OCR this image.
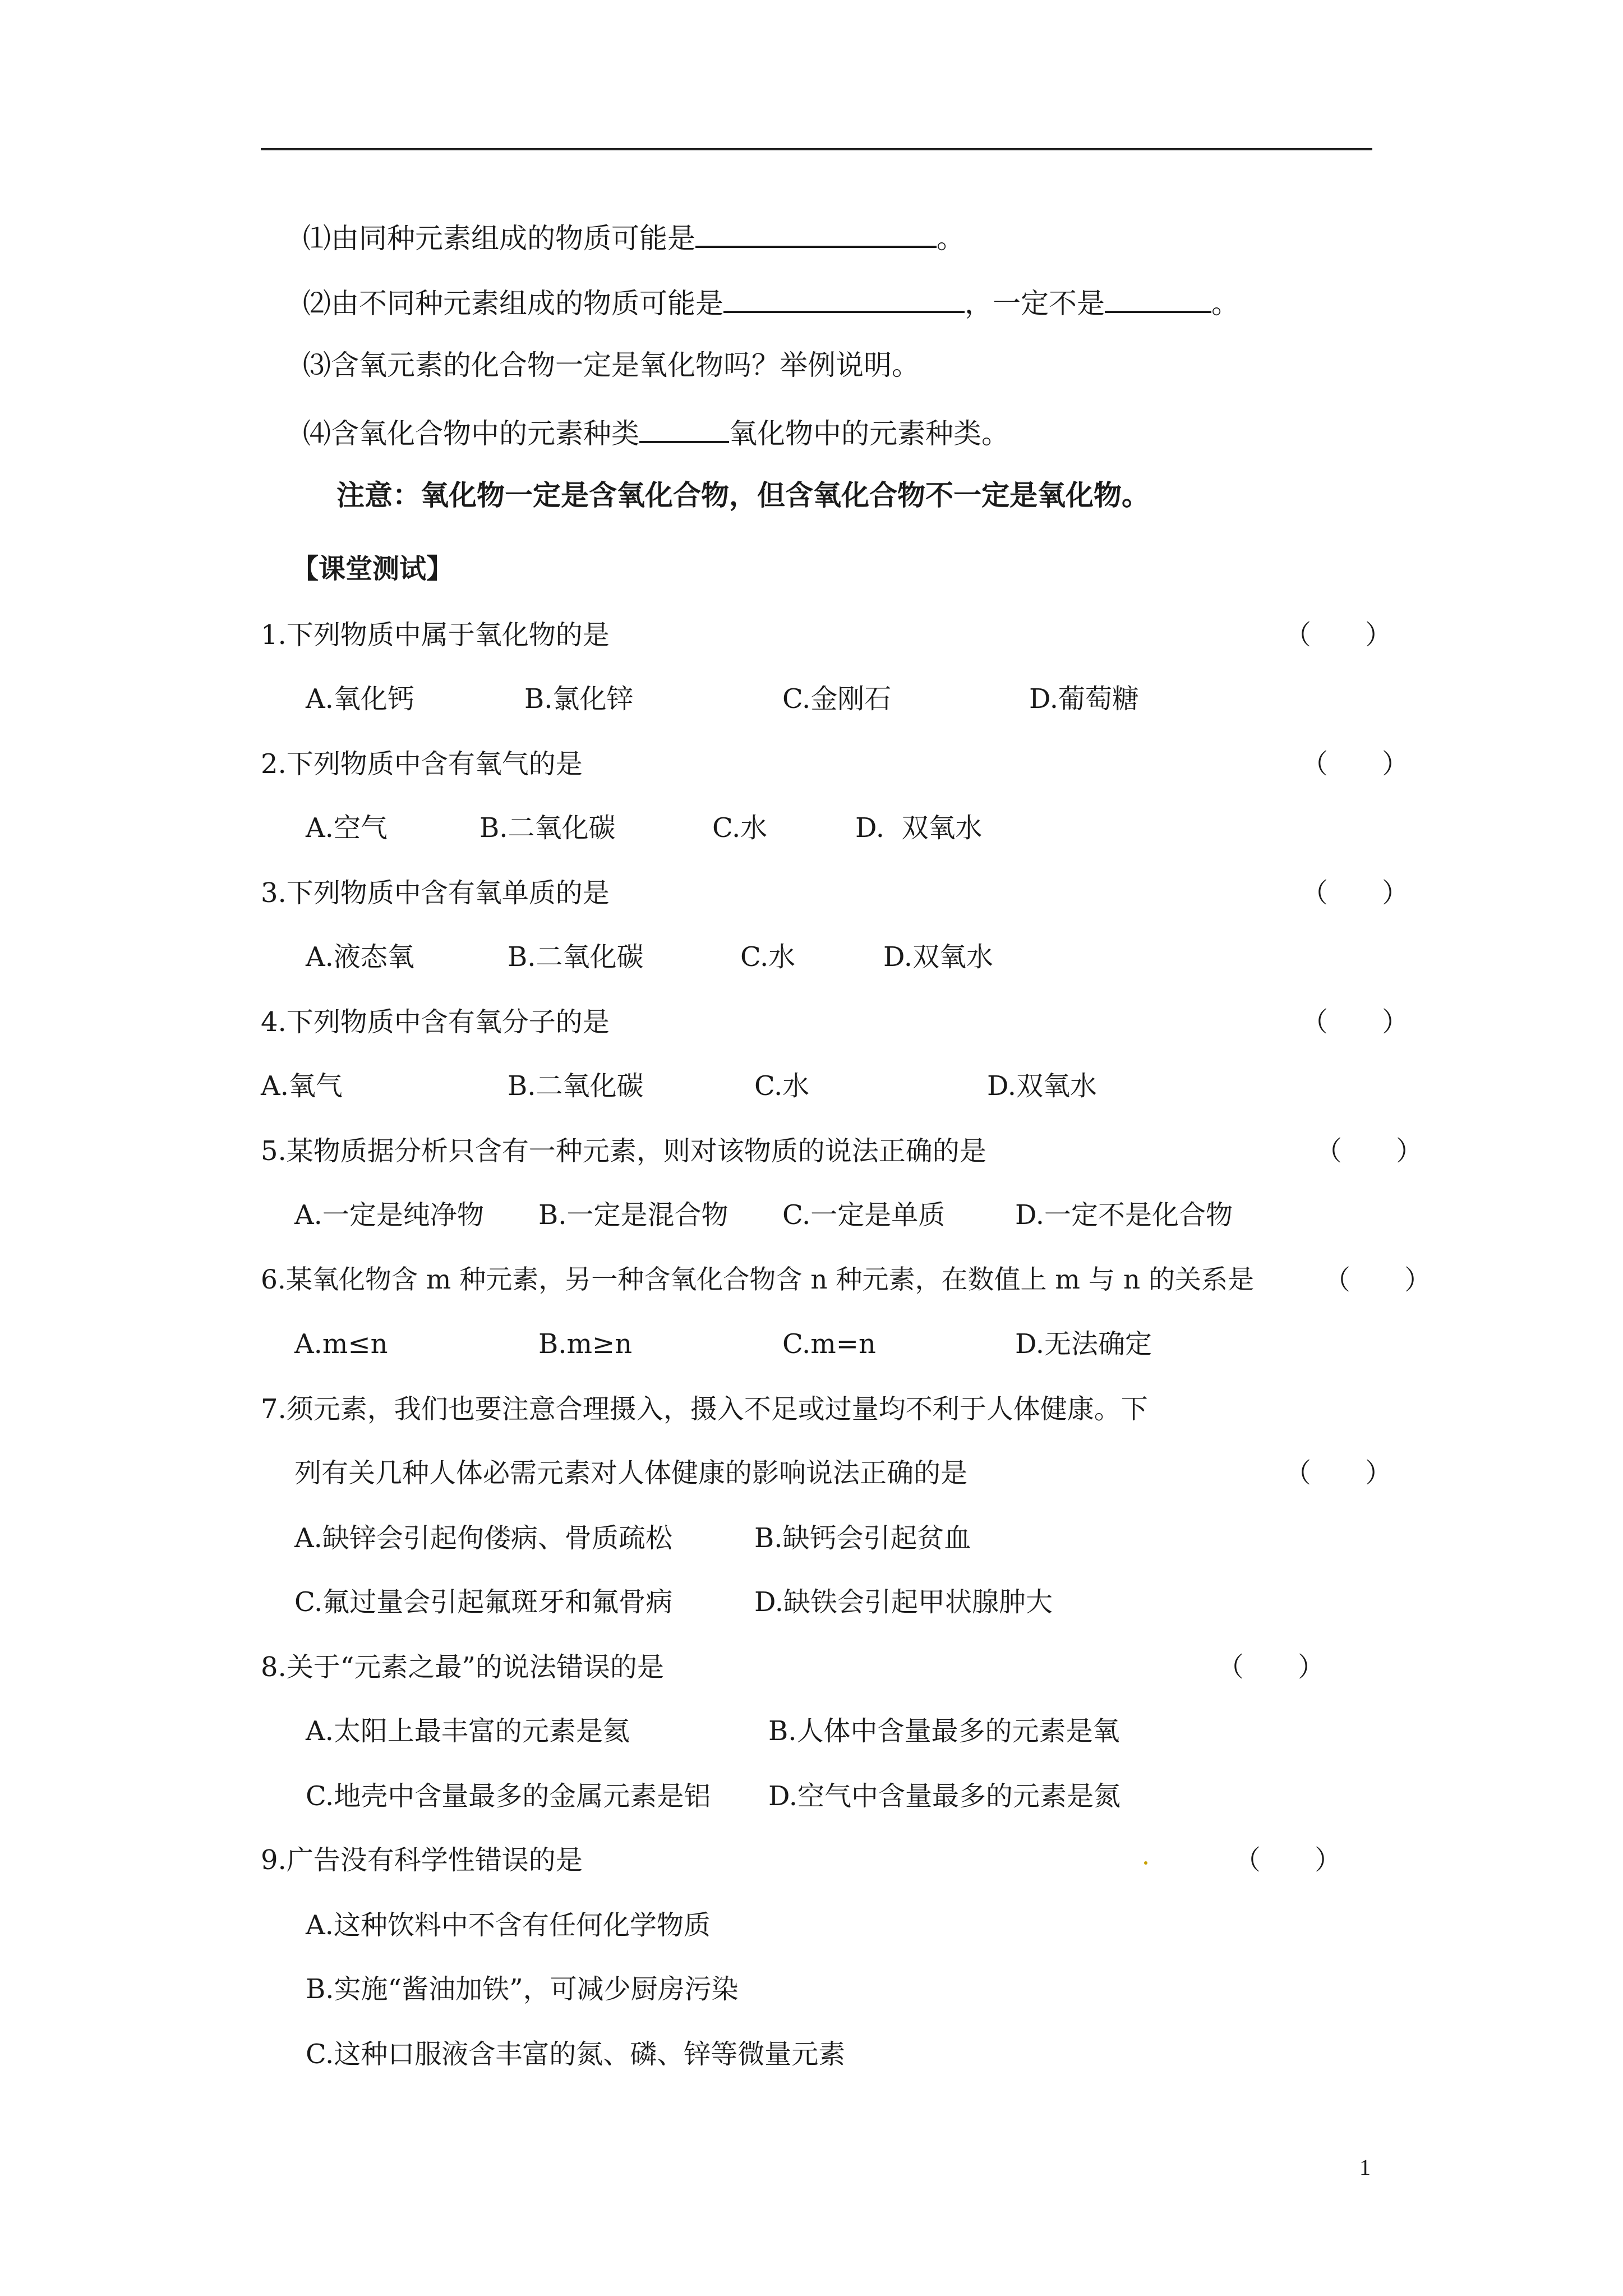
⑴由同种元素组成的物质可能是	。
⑵由不同种元素组成的物质可能是	，一定不是	。
⑶含氧元素的化合物一定是氧化物吗？举例说明。
⑷含氧化合物中的元素种类	氧化物中的元素种类。
注意：氧化物一定是含氧化合物，但含氧化合物不一定是氧化物。
【课堂测试】
1.下列物质中属于氧化物的是	（　　）
A.氧化钙	B.氯化锌	C.金刚石	D.葡萄糖
2.下列物质中含有氧气的是	（　　）
A.空气	B.二氧化碳	C.水	D.  双氧水
3.下列物质中含有氧单质的是	（　　）
A.液态氧	B.二氧化碳	C.水	D.双氧水
4.下列物质中含有氧分子的是	（　　）
A.氧气	B.二氧化碳	C.水	D.双氧水
5.某物质据分析只含有一种元素，则对该物质的说法正确的是	（　　）
A.一定是纯净物 B.一定是混合物 C.一定是单质	D.一定不是化合物
6.某氧化物含 m 种元素，另一种含氧化合物含 n 种元素，在数值上 m 与 n 的关系是	（　　）
A.m≤n	B.m≥n	C.m=n	D.无法确定
7.须元素，我们也要注意合理摄入，摄入不足或过量均不利于人体健康。下
列有关几种人体必需元素对人体健康的影响说法正确的是	（　　）
A.缺锌会引起佝偻病、骨质疏松	B.缺钙会引起贫血
C.氟过量会引起氟斑牙和氟骨病	D.缺铁会引起甲状腺肿大
8.关于“元素之最”的说法错误的是	（　　）
A.太阳上最丰富的元素是氦	B.人体中含量最多的元素是氧
C.地壳中含量最多的金属元素是铝 D.空气中含量最多的元素是氮
9.广告没有科学性错误的是	（　　）
A.这种饮料中不含有任何化学物质
B.实施“酱油加铁”，可减少厨房污染
C.这种口服液含丰富的氮、磷、锌等微量元素
1
